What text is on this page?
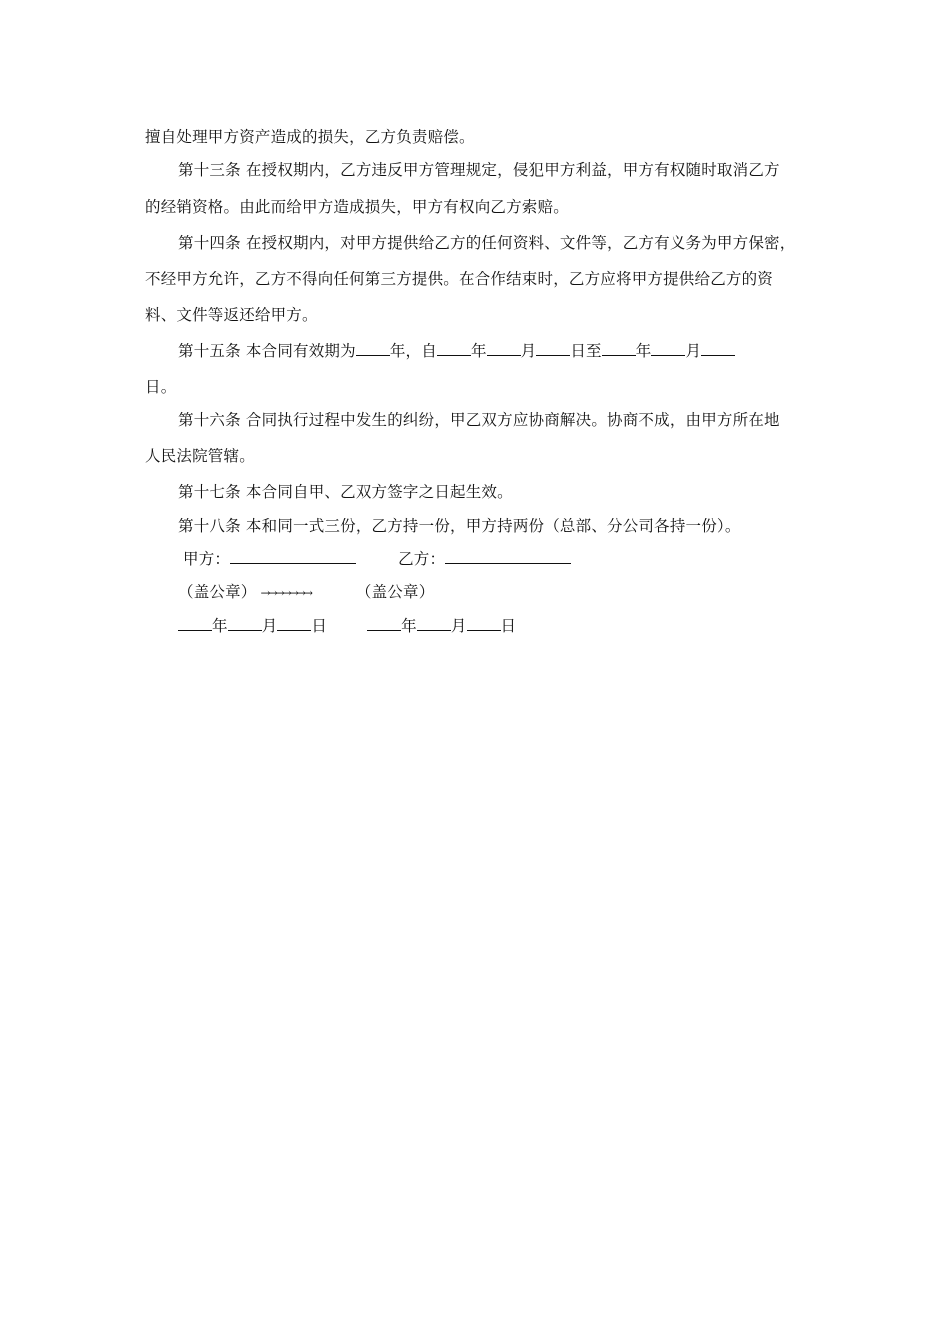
擅自处理甲方资产造成的损失，乙方负责赔偿。
第十三条 在授权期内，乙方违反甲方管理规定，侵犯甲方利益，甲方有权随时取消乙方
的经销资格。由此而给甲方造成损失，甲方有权向乙方索赔。
第十四条 在授权期内，对甲方提供给乙方的任何资料、文件等，乙方有义务为甲方保密，
不经甲方允许，乙方不得向任何第三方提供。在合作结束时，乙方应将甲方提供给乙方的资
料、文件等返还给甲方。
第十五条 本合同有效期为 年，自 年 月 日至 年 月
日。
第十六条 合同执行过程中发生的纠纷，甲乙双方应协商解决。协商不成，由甲方所在地
人民法院管辖。
第十七条 本合同自甲、乙双方签字之日起生效。
第十八条 本和同一式三份，乙方持一份，甲方持两份（总部、分公司各持一份）。
甲方：	乙方：
（盖公章） →→→→→→→	（盖公章）
年 月 日	年 月 日
